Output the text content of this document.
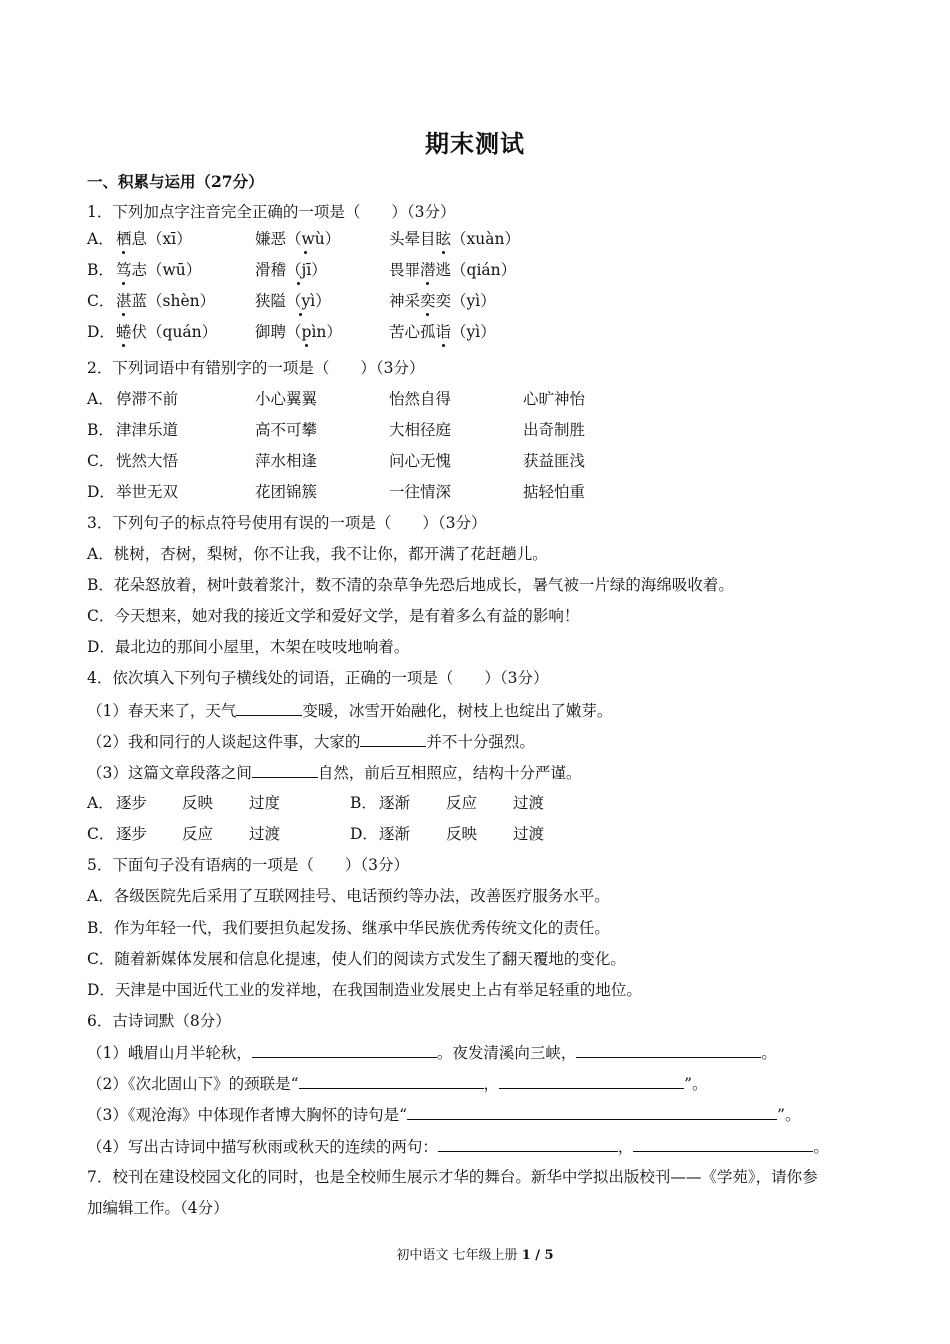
期末测试
一、积累与运用（27分）
1．下列加点字注音完全正确的一项是（　　）（3分）
A． 栖息（xī）	嫌恶（wù）	头晕目眩（xuàn）
B． 笃志（wū）	滑稽（jī）	畏罪潜逃（qián）
C． 湛蓝（shèn）	狭隘（yì）	神采奕奕（yì）
D． 蜷伏（quán） 御聘（pìn）	苦心孤诣（yì）
2．下列词语中有错别字的一项是（　　）（3分）
A． 停滞不前	小心翼翼	怡然自得	心旷神怡
B． 津津乐道	高不可攀	大相径庭	出奇制胜
C． 恍然大悟	萍水相逢	问心无愧	获益匪浅
D． 举世无双	花团锦簇	一往情深	掂轻怕重
3．下列句子的标点符号使用有误的一项是（　　）（3分）
A．桃树，杏树，梨树，你不让我，我不让你，都开满了花赶趟儿。
B．花朵怒放着，树叶鼓着浆汁，数不清的杂草争先恐后地成长，暑气被一片绿的海绵吸收着。
C．今天想来，她对我的接近文学和爱好文学，是有着多么有益的影响！
D．最北边的那间小屋里，木架在吱吱地响着。
4．依次填入下列句子横线处的词语，正确的一项是（　　）（3分）
（1）春天来了，天气	变暖，冰雪开始融化，树枝上也绽出了嫩芽。
（2）我和同行的人谈起这件事，大家的	并不十分强烈。
（3）这篇文章段落之间	自然，前后互相照应，结构十分严谨。
A． 逐步 反映 过度	B． 逐渐 反应 过渡
C． 逐步 反应 过渡	D． 逐渐 反映 过渡
5．下面句子没有语病的一项是（　　）（3分）
A．各级医院先后采用了互联网挂号、电话预约等办法，改善医疗服务水平。
B．作为年轻一代，我们要担负起发扬、继承中华民族优秀传统文化的责任。
C．随着新媒体发展和信息化提速，使人们的阅读方式发生了翻天覆地的变化。
D．天津是中国近代工业的发祥地，在我国制造业发展史上占有举足轻重的地位。
6．古诗词默（8分）
（1）峨眉山月半轮秋，	。夜发清溪向三峡，	。
（2）《次北固山下》的颈联是“	，	”。
（3）《观沧海》中体现作者博大胸怀的诗句是“	”。
（4）写出古诗词中描写秋雨或秋天的连续的两句：	，	。
7．校刊在建设校园文化的同时，也是全校师生展示才华的舞台。新华中学拟出版校刊——《学苑》，请你参
加编辑工作。（4分）
初中语文 七年级上册 1 / 5
